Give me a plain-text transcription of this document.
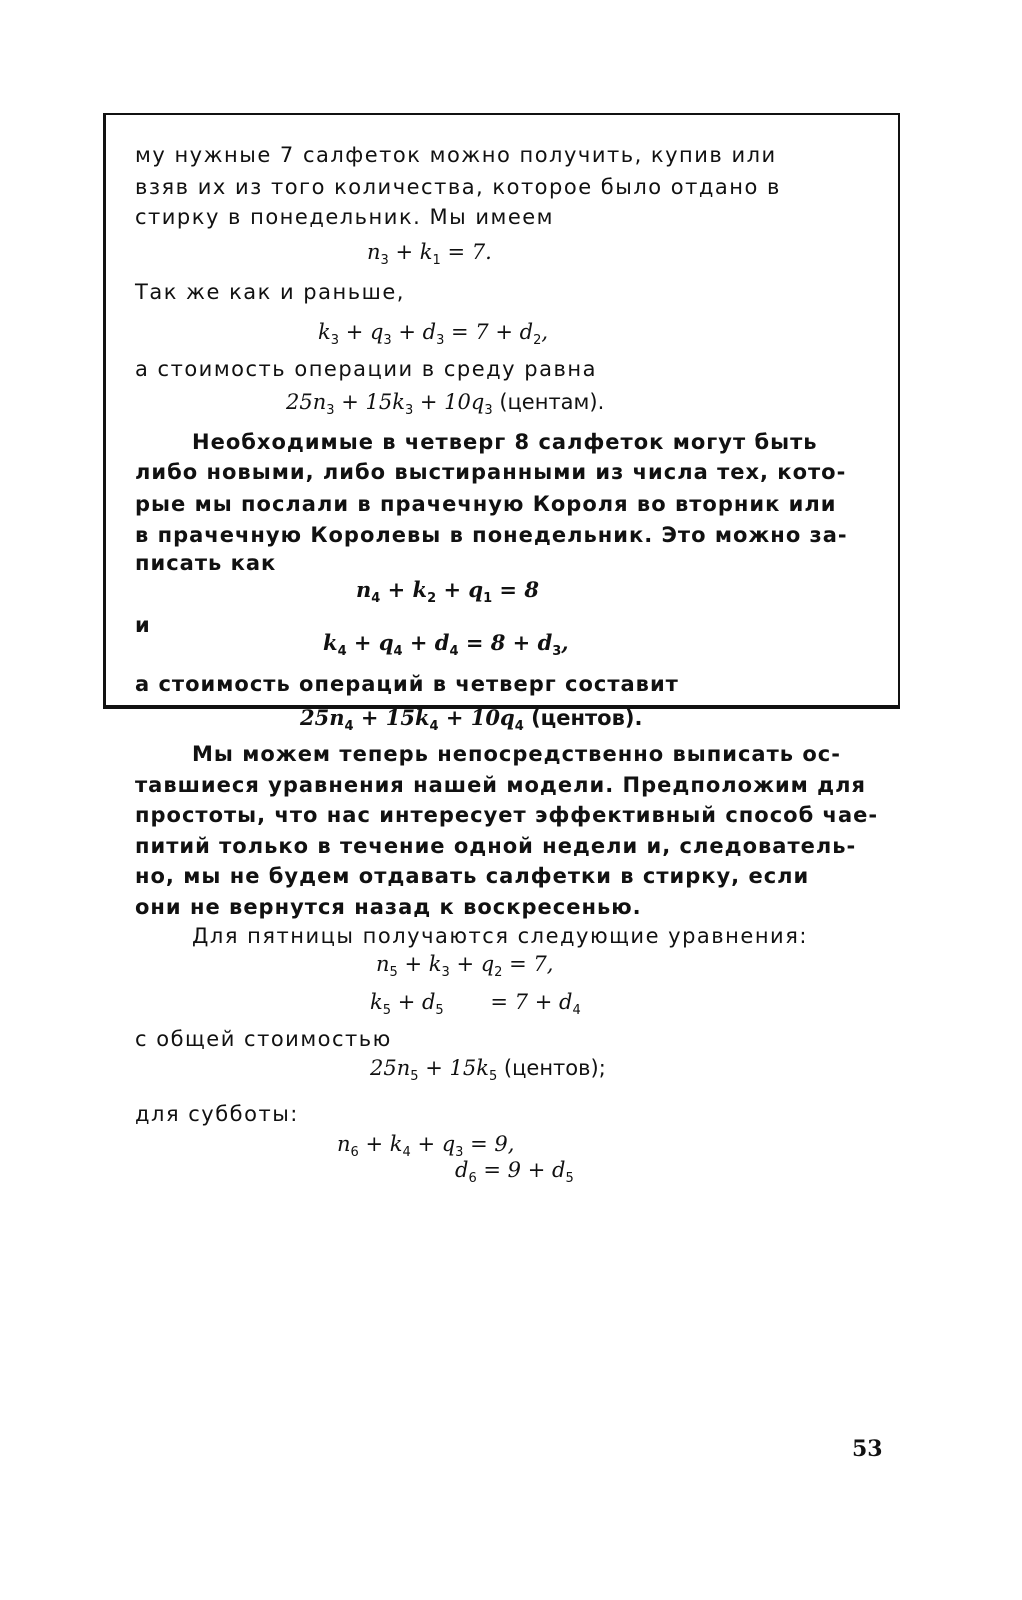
му нужные 7 салфеток можно получить, купив или
взяв их из того количества, которое было отдано в
стирку в понедельник. Мы имеем
$n_3 + k_1 = 7$.
Так же как и раньше,
$k_3 + q_3 + d_3 = 7 + d_2$,
а стоимость операции в среду равна
$25n_3 + 15k_3 + 10q_3$ (центам).
Необходимые в четверг 8 салфеток могут быть
либо новыми, либо выстиранными из числа тех, кото-
рые мы послали в прачечную Короля во вторник или
в прачечную Королевы в понедельник. Это можно за-
писать как
$n_4 + k_2 + q_1 = 8$
и
$k_4 + q_4 + d_4 = 8 + d_3$,
а стоимость операций в четверг составит
$25n_4 + 15k_4 + 10q_4$ (центов).
Мы можем теперь непосредственно выписать ос-
тавшиеся уравнения нашей модели. Предположим для
простоты, что нас интересует эффективный способ чае-
питий только в течение одной недели и, следователь-
но, мы не будем отдавать салфетки в стирку, если
они не вернутся назад к воскресенью.
Для пятницы получаются следующие уравнения:
$n_5 + k_3 + q_2 = 7$,
$k_5 + d_5$       = $7 + d_4$
с общей стоимостью
$25n_5 + 15k_5$ (центов);
для субботы:
$n_6 + k_4 + q_3 = 9$,
$d_6 = 9 + d_5$
53
